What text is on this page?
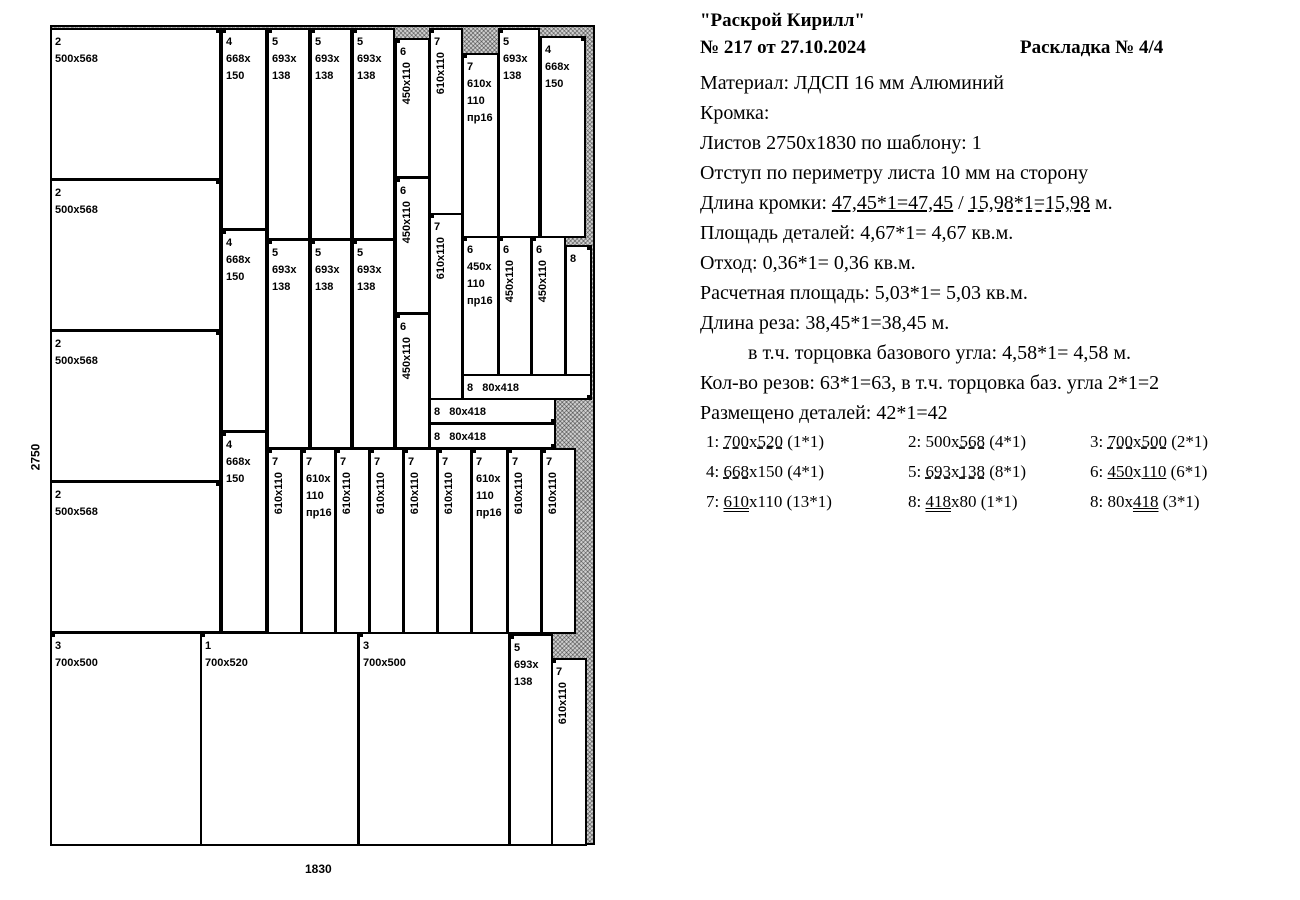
2
500x568
2
500x568
2
500x568
2
500x568
4
668x
150
4
668x
150
4
668x
150
5
693x
138
5
693x
138
5
693x
138
5
693x
138
5
693x
138
5
693x
138
6
450x110
6
450x110
6
450x110
7
610x110
7
610x110
7
610x
110
пр16
5
693x
138
4
668x
150
6
450x
110
пр16
6
450x110
6
450x110
8

8   80x418
8   80x418
8   80x418
7
610x110
7
610x
110
пр16
7
610x110
7
610x110
7
610x110
7
610x110
7
610x
110
пр16
7
610x110
7
610x110
3
700x500
1
700x520
3
700x500
5
693x
138
7
610x110
1830
2750
"Раскрой Кирилл"
№ 217 от 27.10.2024	Раскладка № 4/4
Материал: ЛДСП 16 мм Алюминий
Кромка:
Листов 2750x1830 по шаблону: 1
Отступ по периметру листа 10 мм на сторону
Длина кромки: 47,45*1=47,45 / 15,98*1=15,98 м.
Площадь деталей: 4,67*1= 4,67 кв.м.
Отход: 0,36*1= 0,36 кв.м.
Расчетная площадь: 5,03*1= 5,03 кв.м.
Длина реза: 38,45*1=38,45 м.
в т.ч. торцовка базового угла: 4,58*1= 4,58 м.
Кол-во резов: 63*1=63, в т.ч. торцовка баз. угла 2*1=2
Размещено деталей: 42*1=42
1: 700x520 (1*1)	2: 500x568 (4*1)	3: 700x500 (2*1)
4: 668x150 (4*1)	5: 693x138 (8*1)	6: 450x110 (6*1)
7: 610x110 (13*1)	8: 418x80 (1*1)	8: 80x418 (3*1)
